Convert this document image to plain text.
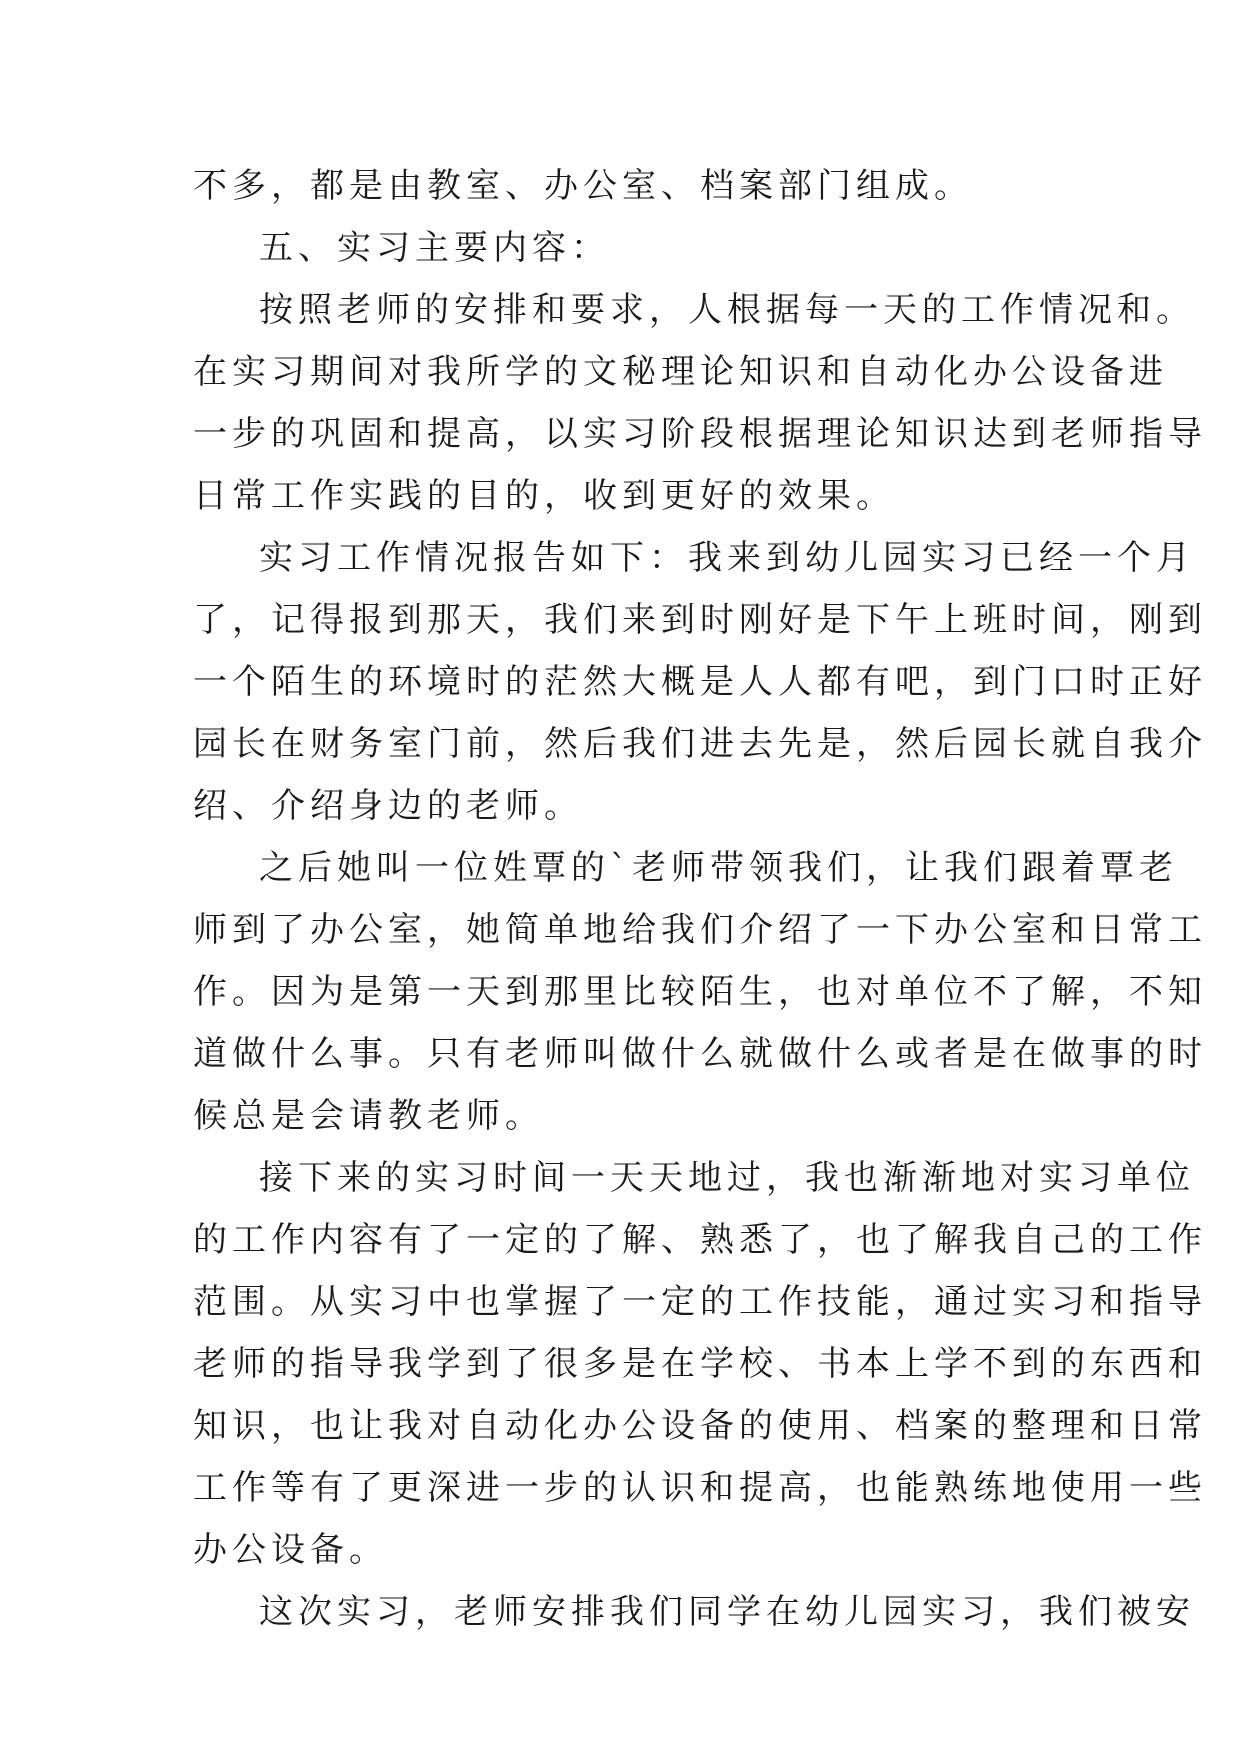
不多，都是由教室、办公室、档案部门组成。
五、实习主要内容：
按照老师的安排和要求，人根据每一天的工作情况和。
在实习期间对我所学的文秘理论知识和自动化办公设备进
一步的巩固和提高，以实习阶段根据理论知识达到老师指导
日常工作实践的目的，收到更好的效果。
实习工作情况报告如下：我来到幼儿园实习已经一个月
了，记得报到那天，我们来到时刚好是下午上班时间，刚到
一个陌生的环境时的茫然大概是人人都有吧，到门口时正好
园长在财务室门前，然后我们进去先是，然后园长就自我介
绍、介绍身边的老师。
之后她叫一位姓覃的`老师带领我们，让我们跟着覃老
师到了办公室，她简单地给我们介绍了一下办公室和日常工
作。因为是第一天到那里比较陌生，也对单位不了解，不知
道做什么事。只有老师叫做什么就做什么或者是在做事的时
候总是会请教老师。
接下来的实习时间一天天地过，我也渐渐地对实习单位
的工作内容有了一定的了解、熟悉了，也了解我自己的工作
范围。从实习中也掌握了一定的工作技能，通过实习和指导
老师的指导我学到了很多是在学校、书本上学不到的东西和
知识，也让我对自动化办公设备的使用、档案的整理和日常
工作等有了更深进一步的认识和提高，也能熟练地使用一些
办公设备。
这次实习，老师安排我们同学在幼儿园实习，我们被安
